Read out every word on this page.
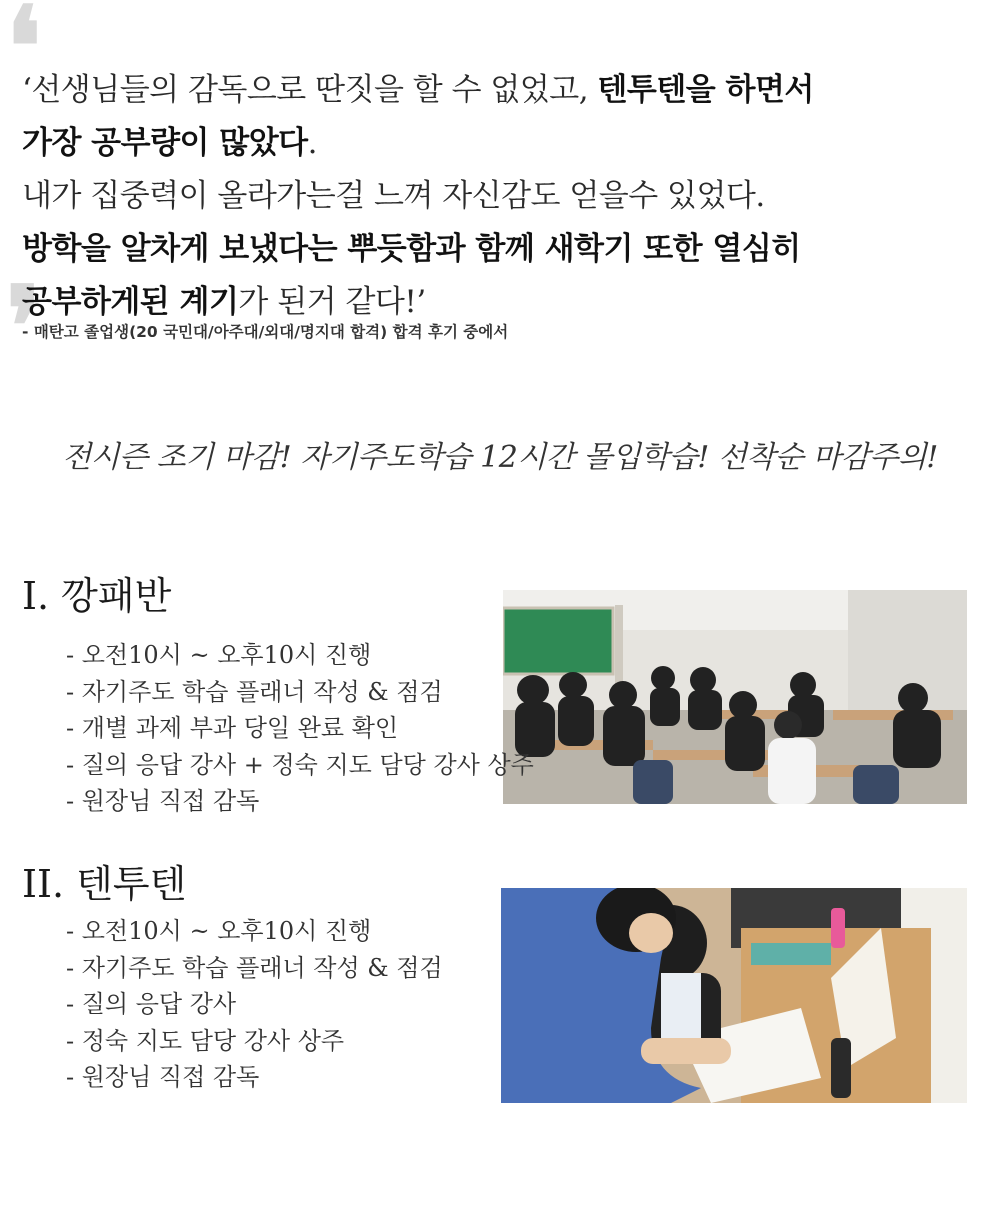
❛
❜
‘선생님들의 감독으로 딴짓을 할 수 없었고, 텐투텐을 하면서
가장 공부량이 많았다.
내가 집중력이 올라가는걸 느껴 자신감도 얻을수 있었다.
방학을 알차게 보냈다는 뿌듯함과 함께 새학기 또한 열심히
공부하게된 계기가 된거 같다!’
- 매탄고 졸업생(20 국민대/아주대/외대/명지대 합격) 합격 후기 중에서
전시즌 조기 마감! 자기주도학습 12시간 몰입학습! 선착순 마감주의!
I. 깡패반
- 오전10시 ~ 오후10시 진행
- 자기주도 학습 플래너 작성 & 점검
- 개별 과제 부과 당일 완료 확인
- 질의 응답 강사 + 정숙 지도 담당 강사 상주
- 원장님 직접 감독
II. 텐투텐
- 오전10시 ~ 오후10시 진행
- 자기주도 학습 플래너 작성 & 점검
- 질의 응답 강사
- 정숙 지도 담당 강사 상주
- 원장님 직접 감독
